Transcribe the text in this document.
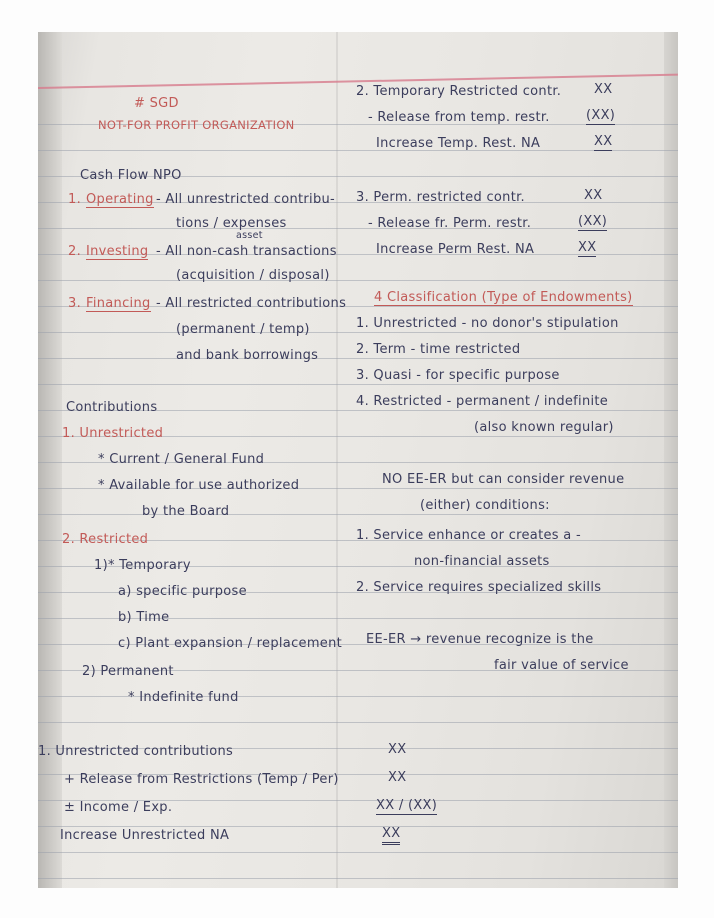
# SGD
NOT-FOR PROFIT ORGANIZATION
Cash Flow NPO
1. Operating - All unrestricted contribu-
tions / expenses
asset
2. Investing - All non-cash transactions
(acquisition / disposal)
3. Financing - All restricted contributions
(permanent / temp)
and bank borrowings
Contributions
1. Unrestricted
* Current / General Fund
* Available for use authorized
by the Board
2. Restricted
1)* Temporary
a) specific purpose
b) Time
c) Plant expansion / replacement
2) Permanent
* Indefinite fund
2. Temporary Restricted contr.	XX
- Release from temp. restr.	(XX)
Increase Temp. Rest. NA	XX
3. Perm. restricted contr.	XX
- Release fr. Perm. restr.	(XX)
Increase Perm Rest. NA	XX
4 Classification (Type of Endowments)
1. Unrestricted - no donor's stipulation
2. Term - time restricted
3. Quasi - for specific purpose
4. Restricted - permanent / indefinite
(also known regular)
NO EE-ER but can consider revenue
(either) conditions:
1. Service enhance or creates a -
non-financial assets
2. Service requires specialized skills
EE-ER → revenue recognize is the
fair value of service
1. Unrestricted contributions	XX
+ Release from Restrictions (Temp / Per)	XX
± Income / Exp.	XX / (XX)
Increase Unrestricted NA	XX
